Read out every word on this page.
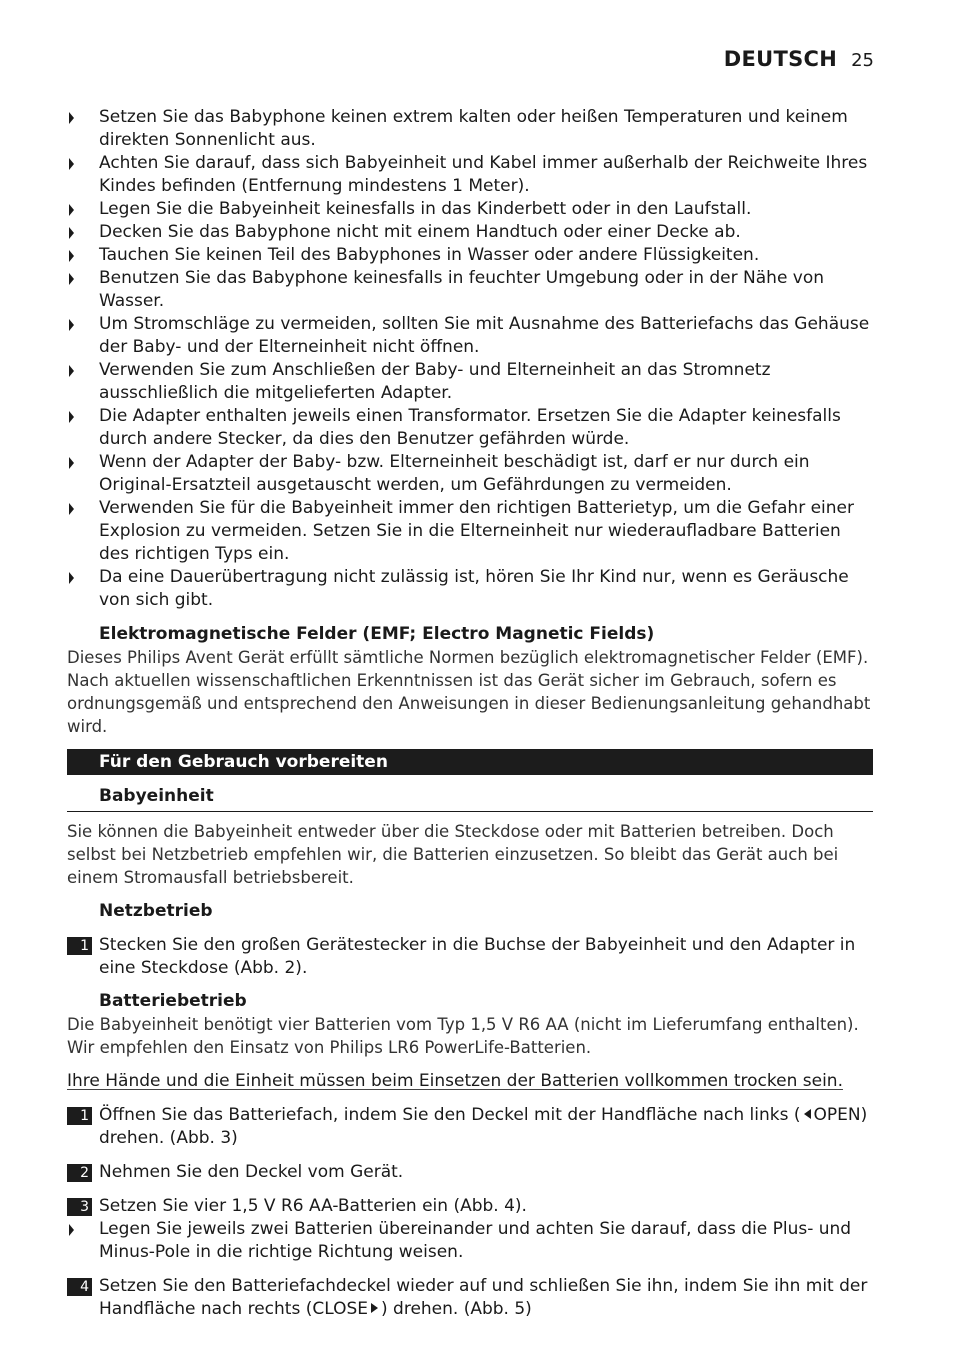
DEUTSCH 25
Setzen Sie das Babyphone keinen extrem kalten oder heißen Temperaturen und keinem direkten Sonnenlicht aus.
Achten Sie darauf, dass sich Babyeinheit und Kabel immer außerhalb der Reichweite Ihres Kindes befinden (Entfernung mindestens 1 Meter).
Legen Sie die Babyeinheit keinesfalls in das Kinderbett oder in den Laufstall.
Decken Sie das Babyphone nicht mit einem Handtuch oder einer Decke ab.
Tauchen Sie keinen Teil des Babyphones in Wasser oder andere Flüssigkeiten.
Benutzen Sie das Babyphone keinesfalls in feuchter Umgebung oder in der Nähe von Wasser.
Um Stromschläge zu vermeiden, sollten Sie mit Ausnahme des Batteriefachs das Gehäuse der Baby- und der Elterneinheit nicht öffnen.
Verwenden Sie zum Anschließen der Baby- und Elterneinheit an das Stromnetz ausschließlich die mitgelieferten Adapter.
Die Adapter enthalten jeweils einen Transformator. Ersetzen Sie die Adapter keinesfalls durch andere Stecker, da dies den Benutzer gefährden würde.
Wenn der Adapter der Baby- bzw. Elterneinheit beschädigt ist, darf er nur durch ein Original-Ersatzteil ausgetauscht werden, um Gefährdungen zu vermeiden.
Verwenden Sie für die Babyeinheit immer den richtigen Batterietyp, um die Gefahr einer Explosion zu vermeiden. Setzen Sie in die Elterneinheit nur wiederaufladbare Batterien des richtigen Typs ein.
Da eine Dauerübertragung nicht zulässig ist, hören Sie Ihr Kind nur, wenn es Geräusche von sich gibt.
Elektromagnetische Felder (EMF; Electro Magnetic Fields)
Dieses Philips Avent Gerät erfüllt sämtliche Normen bezüglich elektromagnetischer Felder (EMF). Nach aktuellen wissenschaftlichen Erkenntnissen ist das Gerät sicher im Gebrauch, sofern es ordnungsgemäß und entsprechend den Anweisungen in dieser Bedienungsanleitung gehandhabt wird.
Für den Gebrauch vorbereiten
Babyeinheit
Sie können die Babyeinheit entweder über die Steckdose oder mit Batterien betreiben. Doch selbst bei Netzbetrieb empfehlen wir, die Batterien einzusetzen. So bleibt das Gerät auch bei einem Stromausfall betriebsbereit.
Netzbetrieb
1 Stecken Sie den großen Gerätestecker in die Buchse der Babyeinheit und den Adapter in eine Steckdose (Abb. 2).
Batteriebetrieb
Die Babyeinheit benötigt vier Batterien vom Typ 1,5 V R6 AA (nicht im Lieferumfang enthalten). Wir empfehlen den Einsatz von Philips LR6 PowerLife-Batterien.
Ihre Hände und die Einheit müssen beim Einsetzen der Batterien vollkommen trocken sein.
1 Öffnen Sie das Batteriefach, indem Sie den Deckel mit der Handfläche nach links ( OPEN) drehen. (Abb. 3)
2 Nehmen Sie den Deckel vom Gerät.
3 Setzen Sie vier 1,5 V R6 AA-Batterien ein (Abb. 4).
Legen Sie jeweils zwei Batterien übereinander und achten Sie darauf, dass die Plus- und Minus-Pole in die richtige Richtung weisen.
4 Setzen Sie den Batteriefachdeckel wieder auf und schließen Sie ihn, indem Sie ihn mit der Handfläche nach rechts (CLOSE ) drehen. (Abb. 5)
